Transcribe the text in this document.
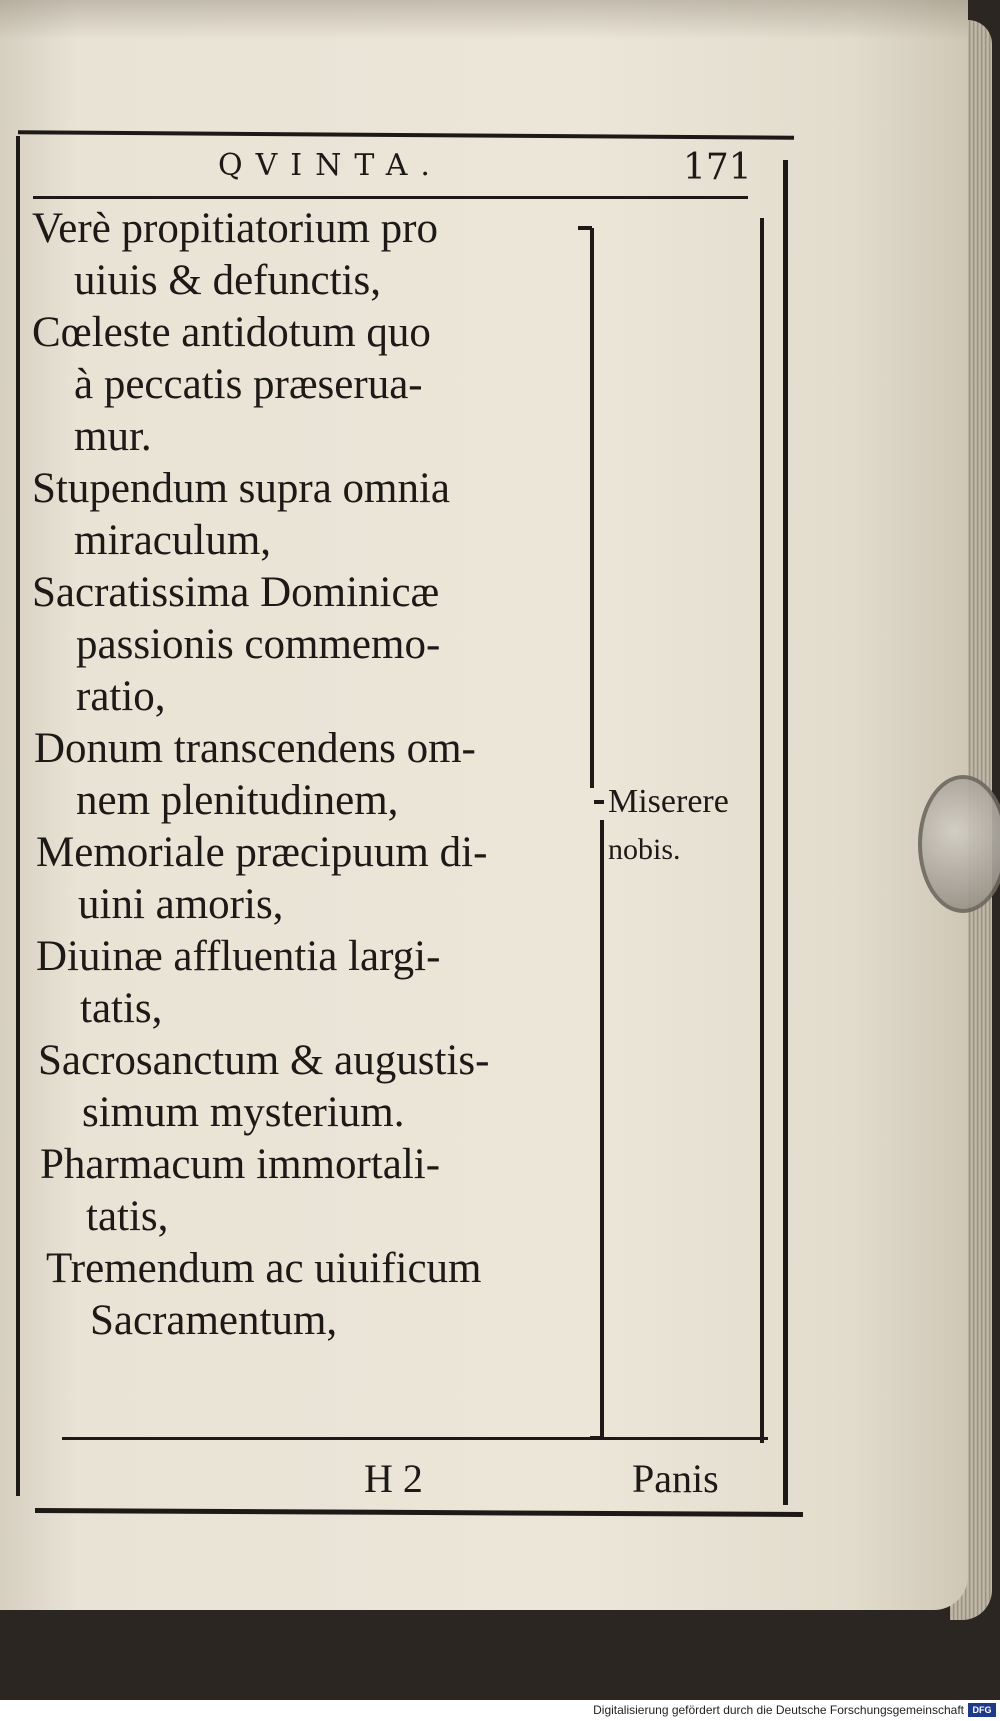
QVINTA.	171
Verè propitiatorium pro
uiuis & defunctis,
Cœleste antidotum quo
à peccatis præserua-
mur.
Stupendum supra omnia
miraculum,
Sacratissima Dominicæ
passionis commemo-
ratio,
Donum transcendens om-
nem plenitudinem,
Memoriale præcipuum di-
uini amoris,
Diuinæ affluentia largi-
tatis,
Sacrosanctum & augustis-
simum mysterium.
Pharmacum immortali-
tatis,
Tremendum ac uiuificum
Sacramentum,
Miserere
nobis.
H 2	Panis
Digitalisierung gefördert durch die Deutsche Forschungsgemeinschaft DFG
